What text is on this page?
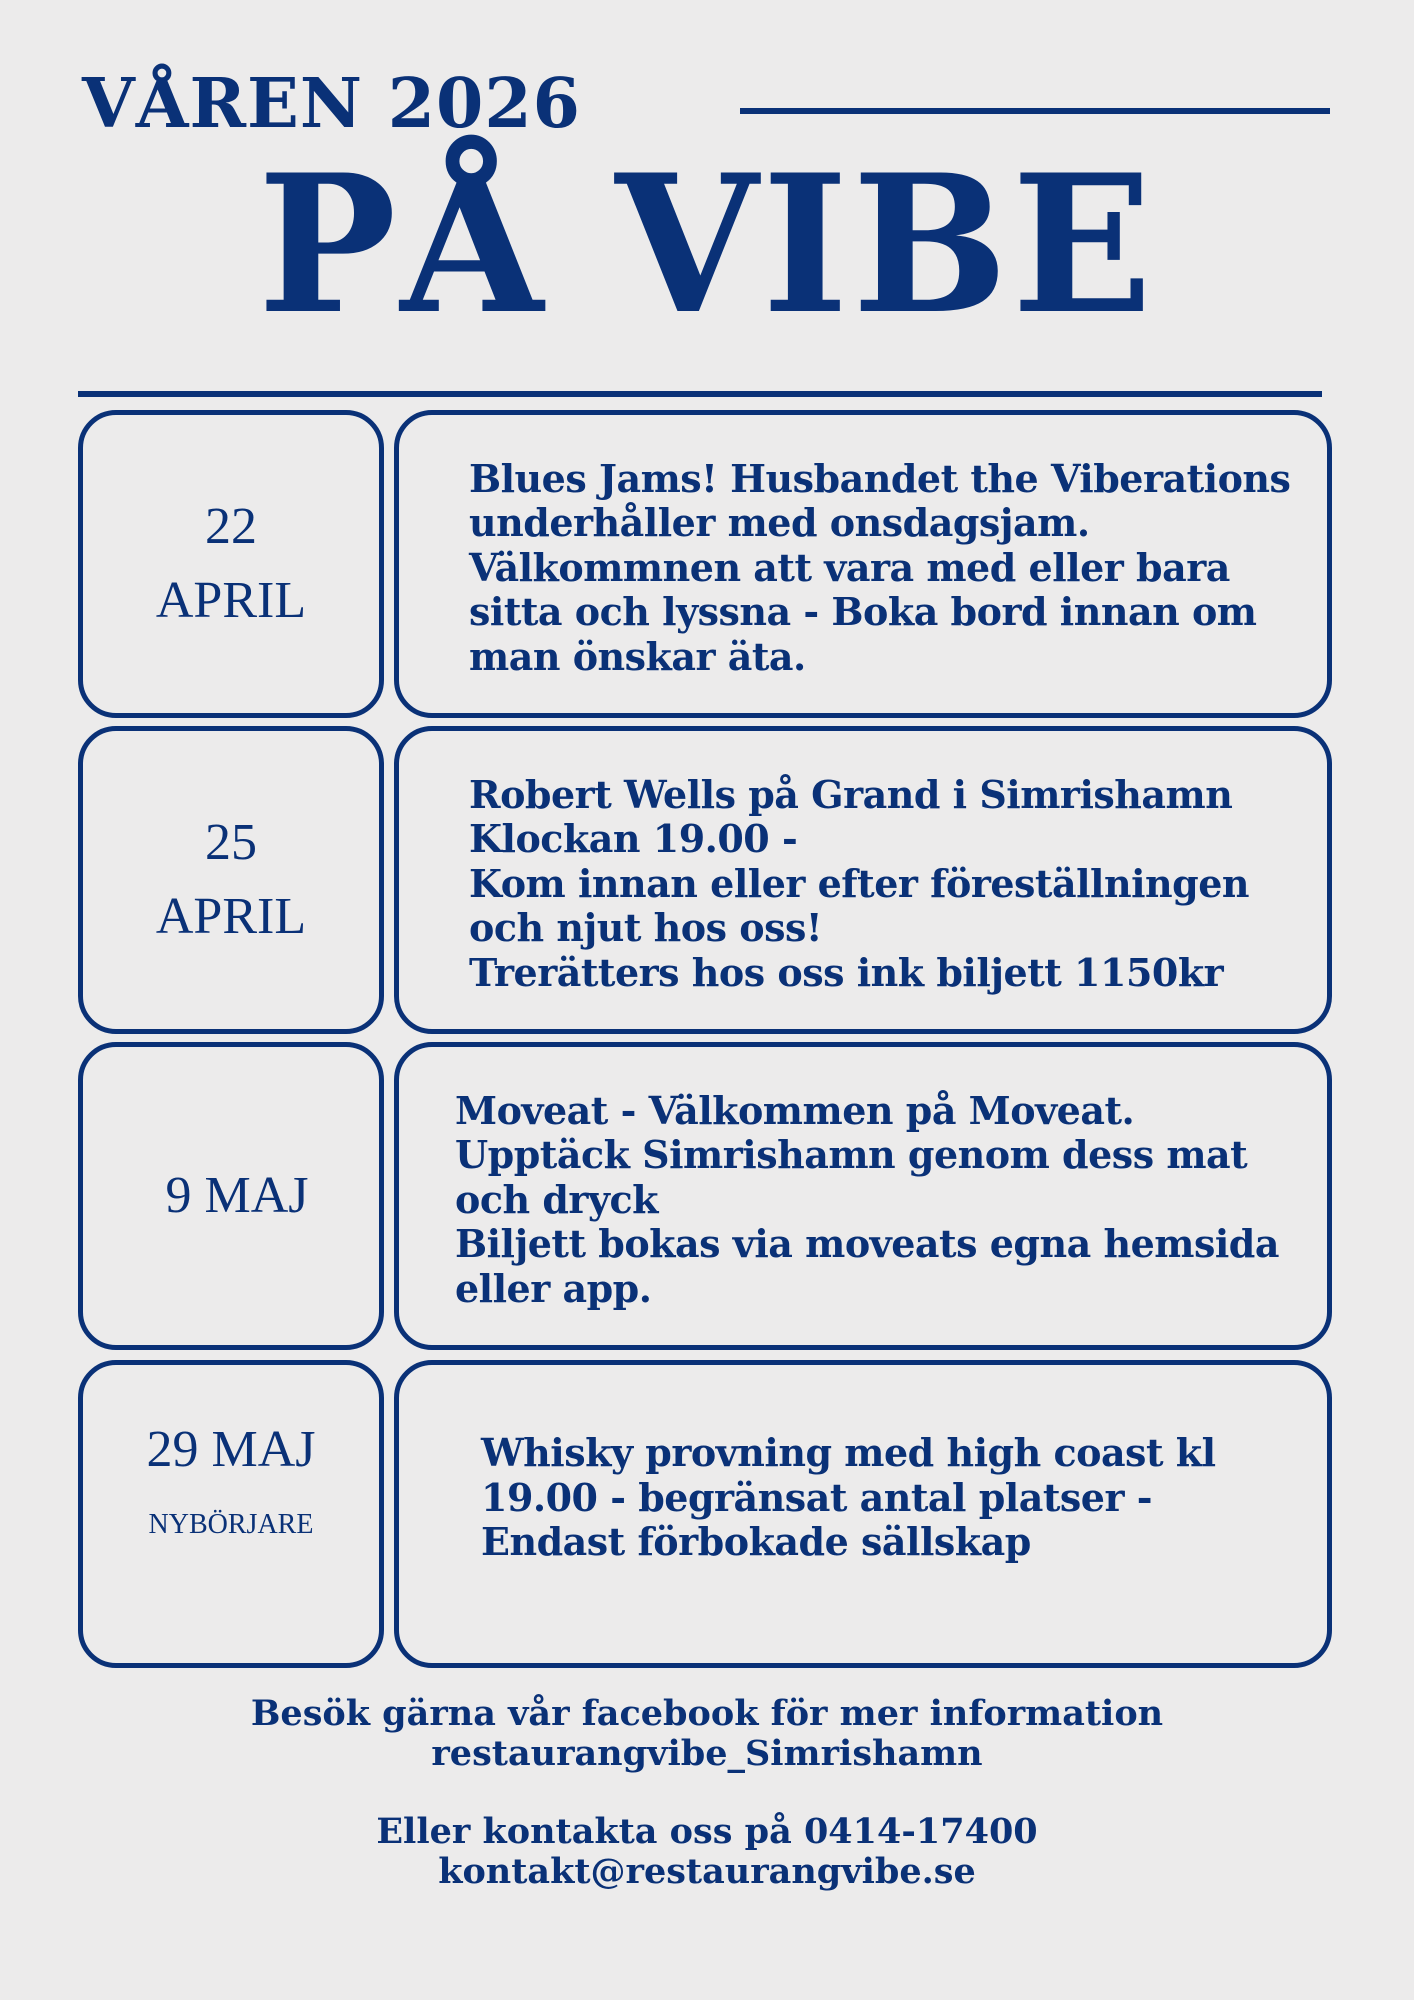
VÅREN 2026
PÅ VIBE
22
APRIL
Blues Jams! Husbandet the Viberations
underhåller med onsdagsjam.
Välkommnen att vara med eller bara
sitta och lyssna - Boka bord innan om
man önskar äta.
25
APRIL
Robert Wells på Grand i Simrishamn
Klockan 19.00 -
Kom innan eller efter föreställningen
och njut hos oss!
Trerätters hos oss ink biljett 1150kr
9 MAJ
Moveat - Välkommen på Moveat.
Upptäck Simrishamn genom dess mat
och dryck
Biljett bokas via moveats egna hemsida
eller app.
29 MAJ
NYBÖRJARE
Whisky provning med high coast kl
19.00 - begränsat antal platser -
Endast förbokade sällskap
Besök gärna vår facebook för mer information
restaurangvibe_Simrishamn
Eller kontakta oss på 0414-17400
kontakt@restaurangvibe.se
